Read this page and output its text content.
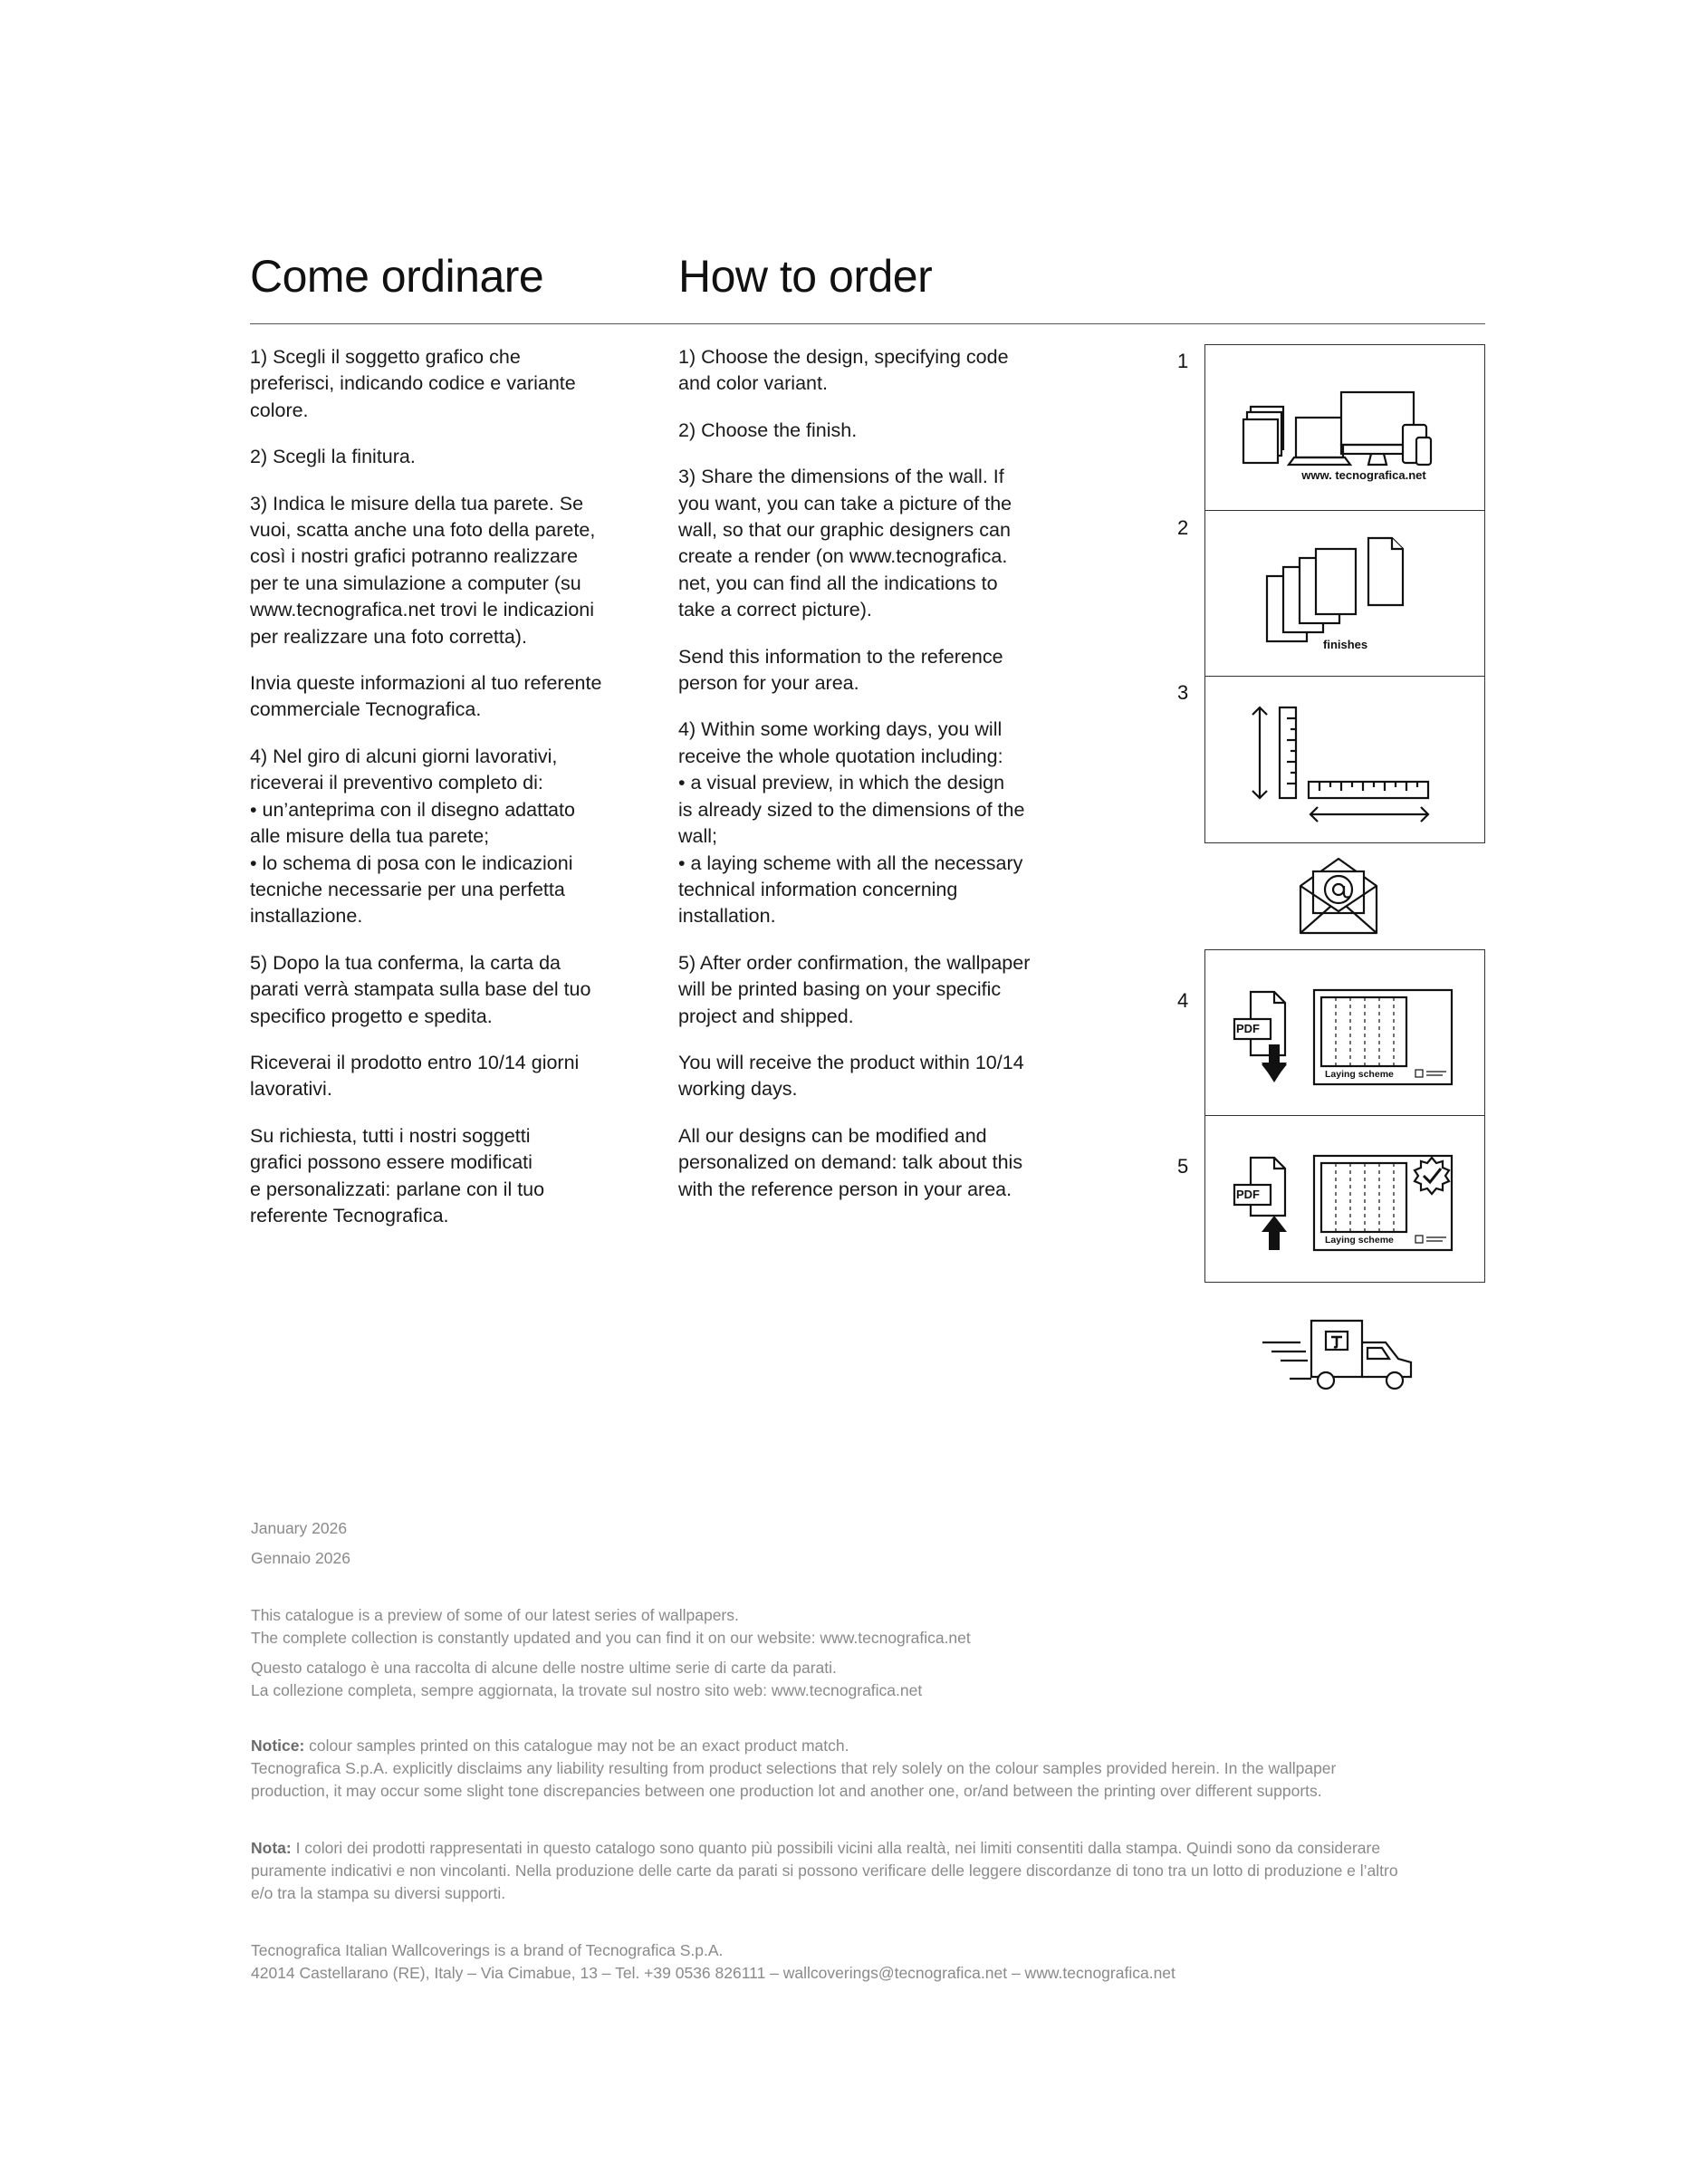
Come ordinare	How to order

1) Scegli il soggetto grafico che
preferisci, indicando codice e variante
colore.

2) Scegli la finitura.

3) Indica le misure della tua parete. Se
vuoi, scatta anche una foto della parete,
così i nostri grafici potranno realizzare
per te una simulazione a computer (su
www.tecnografica.net trovi le indicazioni
per realizzare una foto corretta).

Invia queste informazioni al tuo referente
commerciale Tecnografica.

4) Nel giro di alcuni giorni lavorativi,
riceverai il preventivo completo di:
• un’anteprima con il disegno adattato
alle misure della tua parete;
• lo schema di posa con le indicazioni
tecniche necessarie per una perfetta
installazione.

5) Dopo la tua conferma, la carta da
parati verrà stampata sulla base del tuo
specifico progetto e spedita.

Riceverai il prodotto entro 10/14 giorni
lavorativi.

Su richiesta, tutti i nostri soggetti
grafici possono essere modificati
e personalizzati: parlane con il tuo
referente Tecnografica.

1) Choose the design, specifying code
and color variant.

2) Choose the finish.

3) Share the dimensions of the wall. If
you want, you can take a picture of the
wall, so that our graphic designers can
create a render (on www.tecnografica.
net, you can find all the indications to
take a correct picture).

Send this information to the reference
person for your area.

4) Within some working days, you will
receive the whole quotation including:
• a visual preview, in which the design
is already sized to the dimensions of the
wall;
• a laying scheme with all the necessary
technical information concerning
installation.

5) After order confirmation, the wallpaper
will be printed basing on your specific
project and shipped.

You will receive the product within 10/14
working days.

All our designs can be modified and
personalized on demand: talk about this
with the reference person in your area.

1
www. tecnografica.net
2
finishes
3
4
PDF
Laying scheme
5
PDF
Laying scheme
January 2026
Gennaio 2026
This catalogue is a preview of some of our latest series of wallpapers.
The complete collection is constantly updated and you can find it on our website: www.tecnografica.net
Questo catalogo è una raccolta di alcune delle nostre ultime serie di carte da parati.
La collezione completa, sempre aggiornata, la trovate sul nostro sito web: www.tecnografica.net
Notice: colour samples printed on this catalogue may not be an exact product match.
Tecnografica S.p.A. explicitly disclaims any liability resulting from product selections that rely solely on the colour samples provided herein. In the wallpaper
production, it may occur some slight tone discrepancies between one production lot and another one, or/and between the printing over different supports.
Nota: I colori dei prodotti rappresentati in questo catalogo sono quanto più possibili vicini alla realtà, nei limiti consentiti dalla stampa. Quindi sono da considerare
puramente indicativi e non vincolanti. Nella produzione delle carte da parati si possono verificare delle leggere discordanze di tono tra un lotto di produzione e l’altro
e/o tra la stampa su diversi supporti.
Tecnografica Italian Wallcoverings is a brand of Tecnografica S.p.A.
42014 Castellarano (RE), Italy – Via Cimabue, 13 – Tel. +39 0536 826111 – wallcoverings@tecnografica.net – www.tecnografica.net
